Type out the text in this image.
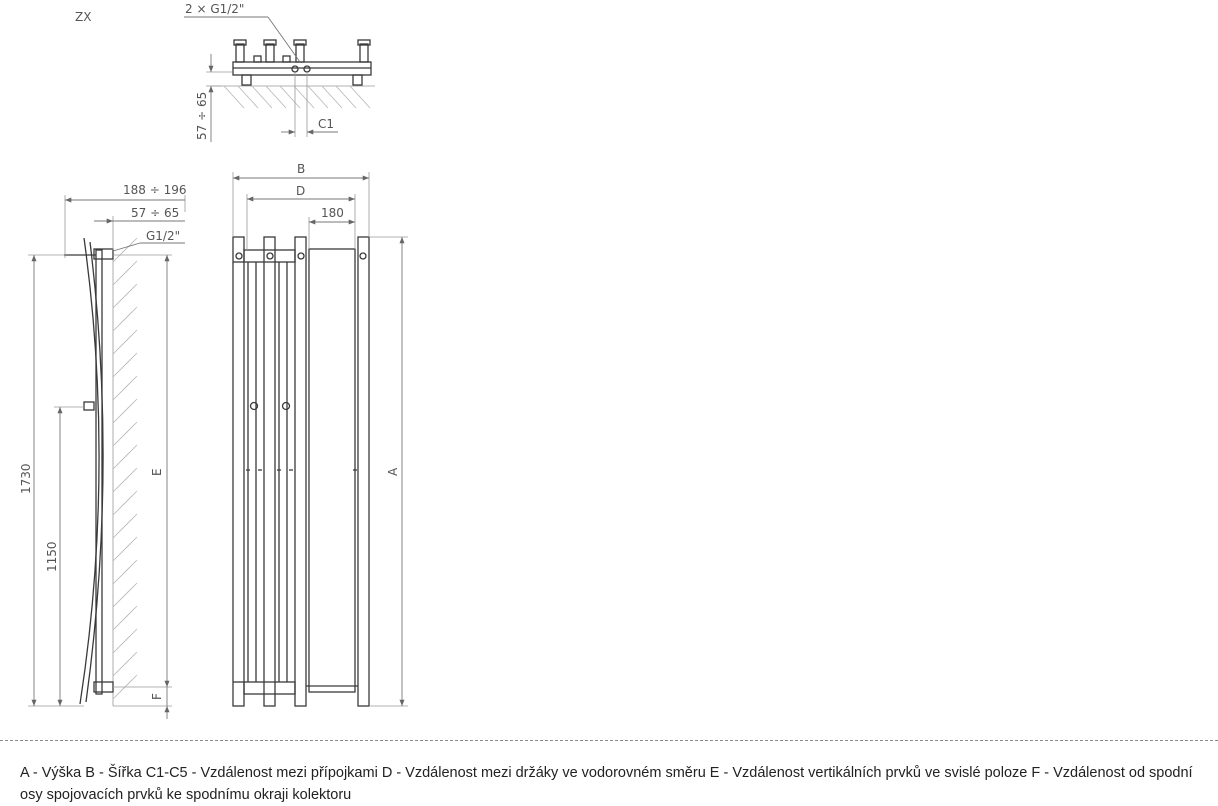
ZX
2 × G1/2"
57 ÷ 65	C1
188 ÷ 196
57 ÷ 65
G1/2"
1730
1150
E
F
B
D
180
A
A - Výška B - Šířka C1-C5 - Vzdálenost mezi přípojkami D - Vzdálenost mezi držáky ve vodorovném směru E - Vzdálenost vertikálních prvků ve svislé poloze F - Vzdálenost od spodní osy spojovacích prvků ke spodnímu okraji kolektoru
